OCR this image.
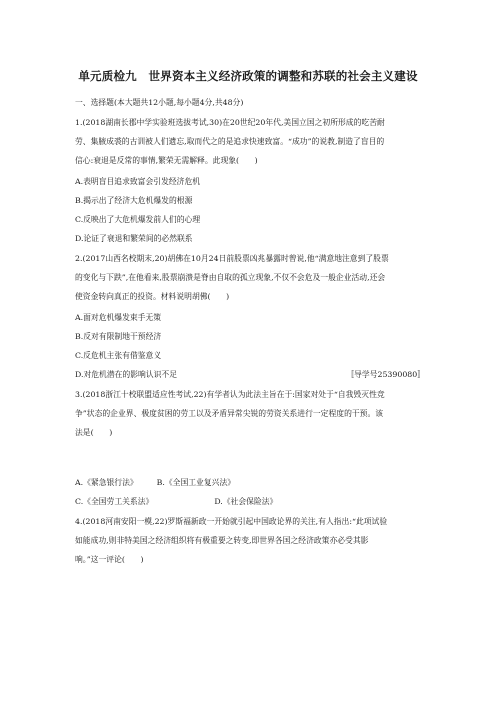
单元质检九　世界资本主义经济政策的调整和苏联的社会主义建设
一、选择题(本大题共12小题,每小题4分,共48分)
1.(2018湖南长郡中学实验班选拔考试,30)在20世纪20年代,美国立国之初所形成的吃苦耐
劳、集腋成裘的古训被人们遗忘,取而代之的是追求快速致富。“成功”的说教,制造了盲目的
信心:衰退是反常的事情,繁荣无需解释。此现象(　　)
A.表明盲目追求致富会引发经济危机
B.揭示出了经济大危机爆发的根源
C.反映出了大危机爆发前人们的心理
D.论证了衰退和繁荣间的必然联系
2.(2017山西名校期末,20)胡佛在10月24日前股票凶兆暴露时曾说,他“满意地注意到了股票
的变化与下跌”,在他看来,股票崩溃是脊由自取的孤立现象,不仅不会危及一般企业活动,还会
使资金转向真正的投资。材料说明胡佛(　　)
A.面对危机爆发束手无策
B.反对有限制地干预经济
C.反危机主张有借鉴意义
D.对危机潜在的影响认识不足	〚导学号25390080〛
3.(2018浙江十校联盟适应性考试,22)有学者认为此法主旨在于:国家对处于“自我毁灭性竞
争”状态的企业界、极度贫困的劳工以及矛盾异常尖锐的劳资关系进行一定程度的干预。该
法是(　　)
A.《紧急银行法》 B.《全国工业复兴法》
C.《全国劳工关系法》	D.《社会保险法》
4.(2018河南安阳一模,22)罗斯福新政一开始就引起中国政论界的关注,有人指出:“此项试验
如能成功,则非特美国之经济组织将有极重要之转变,即世界各国之经济政策亦必受其影
响。”这一评论(　　)
